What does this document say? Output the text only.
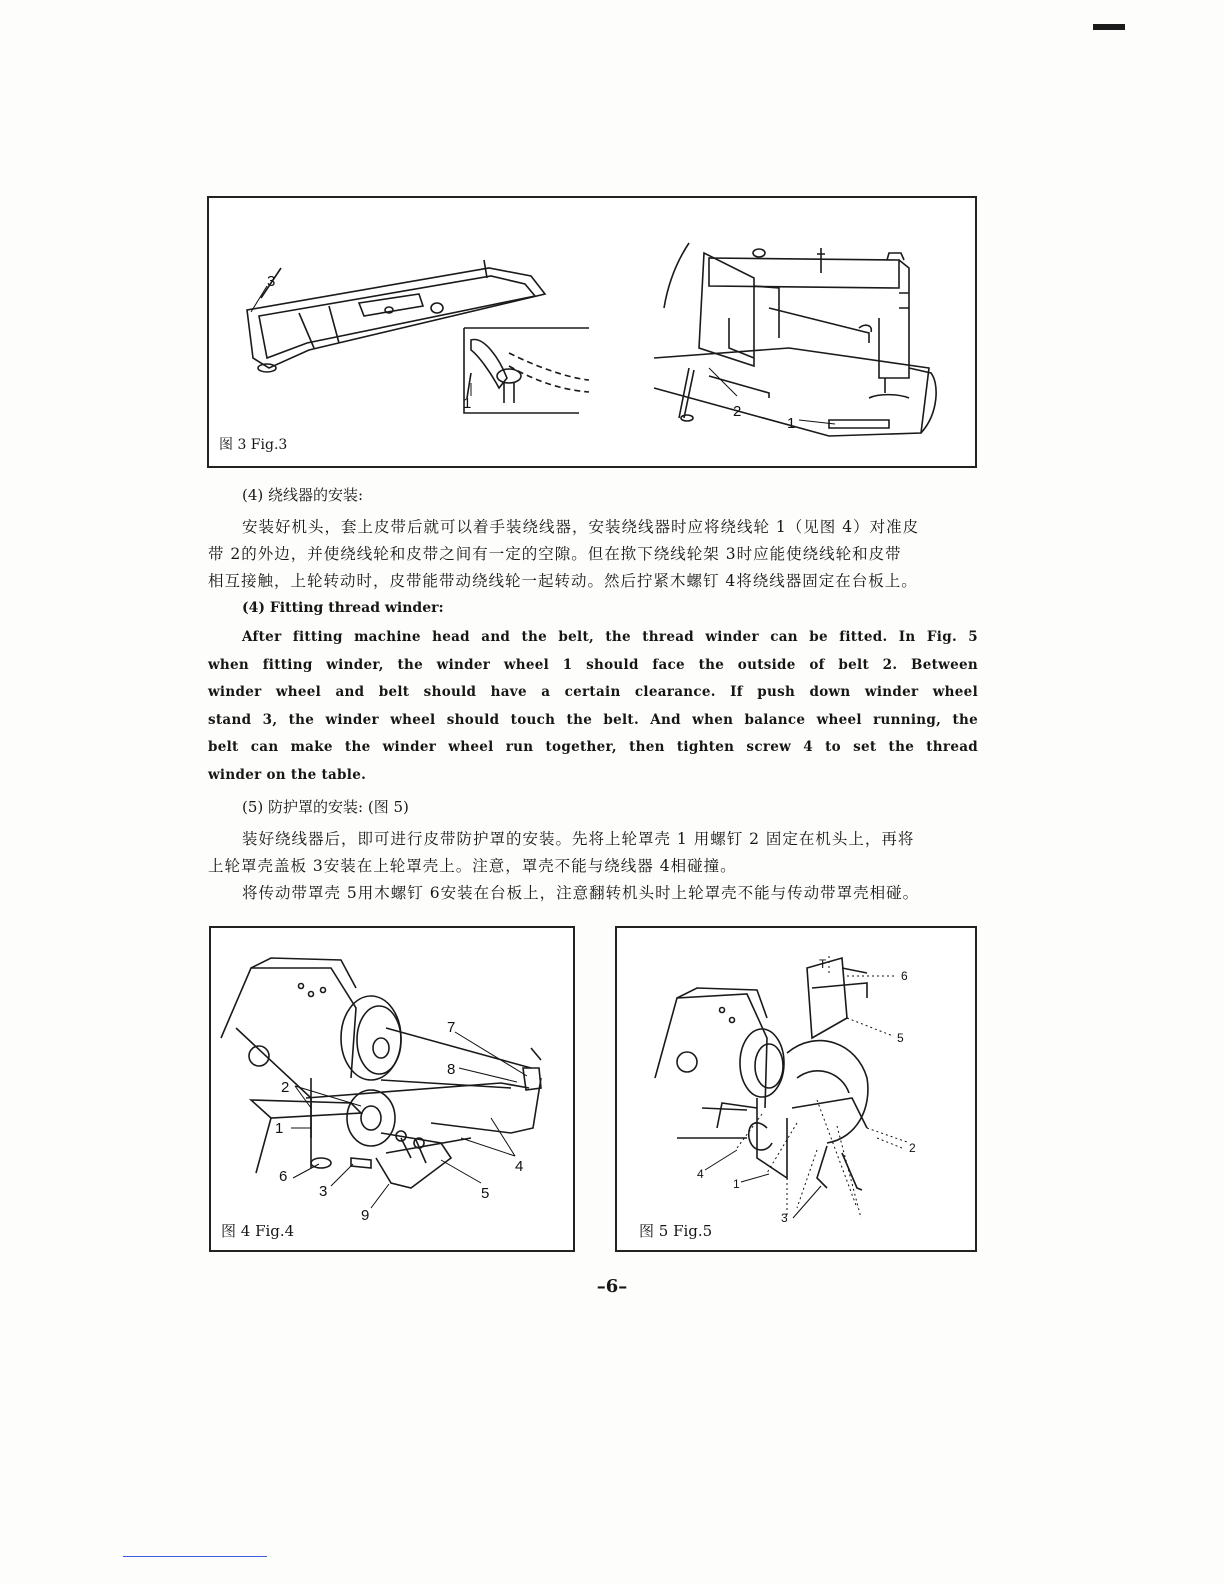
3
1	2
1
图 3 Fig.3
(4) 绕线器的安装:
安装好机头，套上皮带后就可以着手装绕线器，安装绕线器时应将绕线轮 1（见图 4）对准皮
带 2的外边，并使绕线轮和皮带之间有一定的空隙。但在揿下绕线轮架 3时应能使绕线轮和皮带
相互接触，上轮转动时，皮带能带动绕线轮一起转动。然后拧紧木螺钉 4将绕线器固定在台板上。
(4) Fitting thread winder:
After fitting machine head and the belt, the thread winder can be fitted. In Fig. 5
when fitting winder, the winder wheel 1 should face the outside of belt 2. Between
winder wheel and belt should have a certain clearance. If push down winder wheel
stand 3, the winder wheel should touch the belt. And when balance wheel running, the
belt can make the winder wheel run together, then tighten screw 4 to set the thread
winder on the table.
(5) 防护罩的安装: (图 5)
装好绕线器后，即可进行皮带防护罩的安装。先将上轮罩壳 1 用螺钉 2 固定在机头上，再将
上轮罩壳盖板 3安装在上轮罩壳上。注意，罩壳不能与绕线器 4相碰撞。
将传动带罩壳 5用木螺钉 6安装在台板上，注意翻转机头时上轮罩壳不能与传动带罩壳相碰。
7
8
2
1
6
3
9
5
4
图 4 Fig.4
T
6
5
2
4
1
3
图 5 Fig.5
–6–
